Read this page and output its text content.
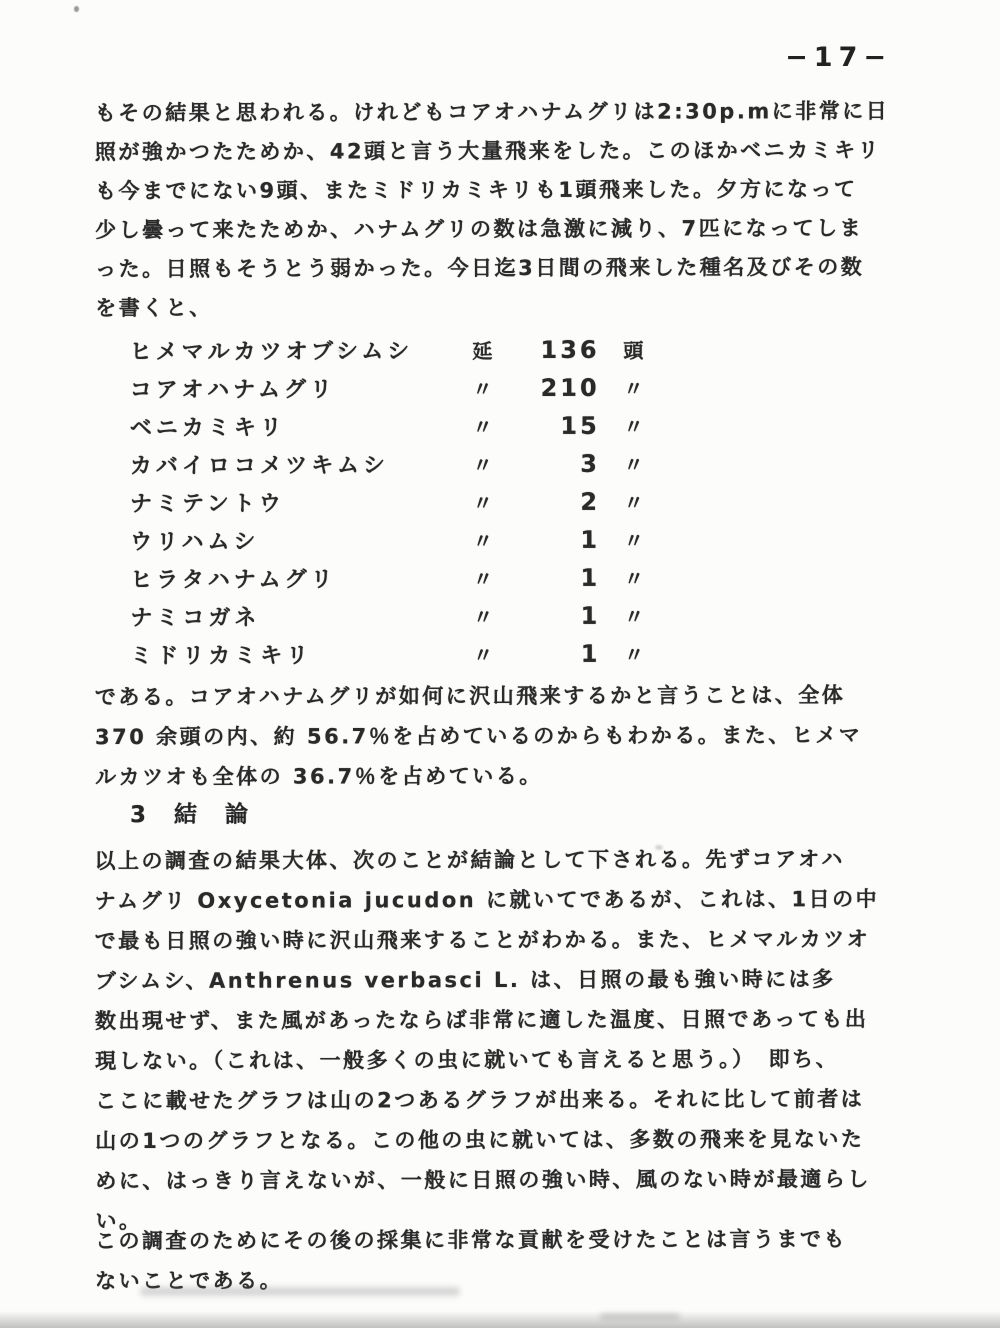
−17−
もその結果と思われる。けれどもコアオハナムグリは2:30p.mに非常に日
照が強かつたためか、42頭と言う大量飛来をした。このほかベニカミキリ
も今までにない9頭、またミドリカミキリも1頭飛来した。夕方になって
少し曇って来たためか、ハナムグリの数は急激に減り、7匹になってしま
った。日照もそうとう弱かった。今日迄3日間の飛来した種名及びその数
を書くと、
ヒメマルカツオブシムシ	延	136	頭
コアオハナムグリ	〃	210	〃
ベニカミキリ	〃	15	〃
カバイロコメツキムシ	〃	3	〃
ナミテントウ	〃	2	〃
ウリハムシ	〃	1	〃
ヒラタハナムグリ	〃	1	〃
ナミコガネ	〃	1	〃
ミドリカミキリ	〃	1	〃
である。コアオハナムグリが如何に沢山飛来するかと言うことは、全体
370 余頭の内、約 56.7％を占めているのからもわかる。また、ヒメマ
ルカツオも全体の 36.7％を占めている。
3 結 論
以上の調査の結果大体、次のことが結論として下される。先ずコアオハ
ナムグリ Oxycetonia jucudon に就いてであるが、これは、1日の中
で最も日照の強い時に沢山飛来することがわかる。また、ヒメマルカツオ
ブシムシ、Anthrenus verbasci L. は、日照の最も強い時には多
数出現せず、また風があったならば非常に適した温度、日照であっても出
現しない。（これは、一般多くの虫に就いても言えると思う。）　即ち、
ここに載せたグラフは山の2つあるグラフが出来る。それに比して前者は
山の1つのグラフとなる。この他の虫に就いては、多数の飛来を見ないた
めに、はっきり言えないが、一般に日照の強い時、風のない時が最適らし
い。
この調査のためにその後の採集に非常な貢献を受けたことは言うまでも
ないことである。
